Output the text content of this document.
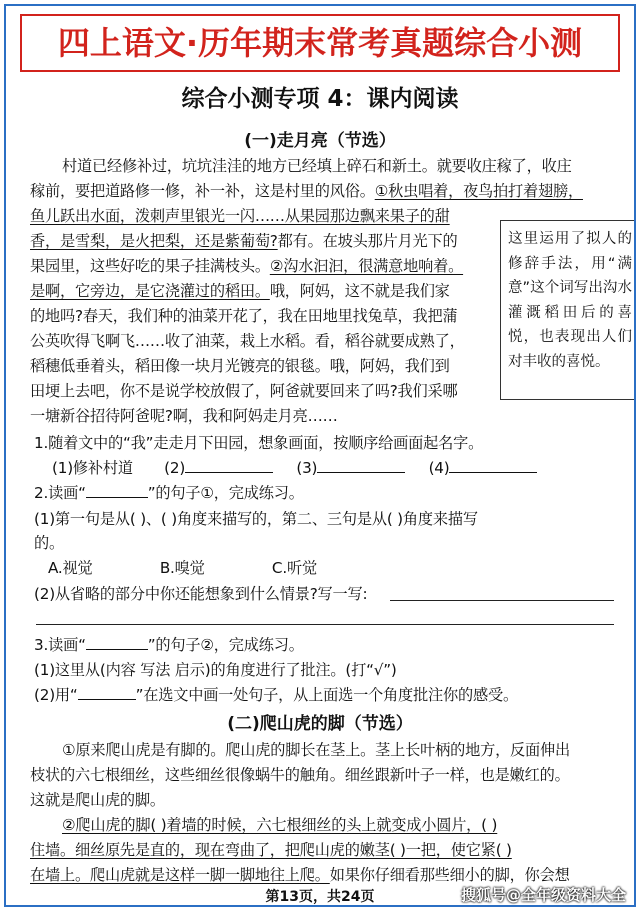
四上语文·历年期末常考真题综合小测
综合小测专项 4：课内阅读
(一)走月亮（节选）
村道已经修补过，坑坑洼洼的地方已经填上碎石和新土。就要收庄稼了，收庄
稼前，要把道路修一修，补一补，这是村里的风俗。①秋虫唱着，夜鸟拍打着翅膀，
鱼儿跃出水面，泼刺声里银光一闪……从果园那边飘来果子的甜
香，是雪梨，是火把梨，还是紫葡萄?都有。在坡头那片月光下的
果园里，这些好吃的果子挂满枝头。②沟水汩汩，很满意地响着。
是啊，它旁边，是它浇灌过的稻田。哦，阿妈，这不就是我们家
的地吗?春天，我们种的油菜开花了，我在田地里找兔草，我把蒲
公英吹得飞啊飞……收了油菜，栽上水稻。看，稻谷就要成熟了，
稻穗低垂着头，稻田像一块月光镀亮的银毯。哦，阿妈，我们到
田埂上去吧，你不是说学校放假了，阿爸就要回来了吗?我们采哪
一塘新谷招待阿爸呢?啊，我和阿妈走月亮……
这里运用了拟人的修辞手法，用“满意”这个词写出沟水灌溉稻田后的喜悦，也表现出人们对丰收的喜悦。
1.随着文中的“我”走走月下田园，想象画面，按顺序给画面起名字。
(1)修补村道 (2)	(3)	(4)
2.读画“	”的句子①，完成练习。
(1)第一句是从( )、( )角度来描写的，第二、三句是从( )角度来描写
的。
A.视觉	B.嗅觉	C.听觉
(2)从省略的部分中你还能想象到什么情景?写一写:
3.读画“	”的句子②，完成练习。
(1)这里从(内容 写法 启示)的角度进行了批注。(打“√”)
(2)用“	”在选文中画一处句子，从上面选一个角度批注你的感受。
(二)爬山虎的脚（节选）
①原来爬山虎是有脚的。爬山虎的脚长在茎上。茎上长叶柄的地方，反面伸出
枝状的六七根细丝，这些细丝很像蜗牛的触角。细丝跟新叶子一样，也是嫩红的。
这就是爬山虎的脚。
②爬山虎的脚( )着墙的时候，六七根细丝的头上就变成小圆片，( )
住墙。细丝原先是直的，现在弯曲了，把爬山虎的嫩茎( )一把，使它紧( )
在墙上。爬山虎就是这样一脚一脚地往上爬。如果你仔细看那些细小的脚，你会想
第13页，共24页	搜狐号@全年级资料大全
